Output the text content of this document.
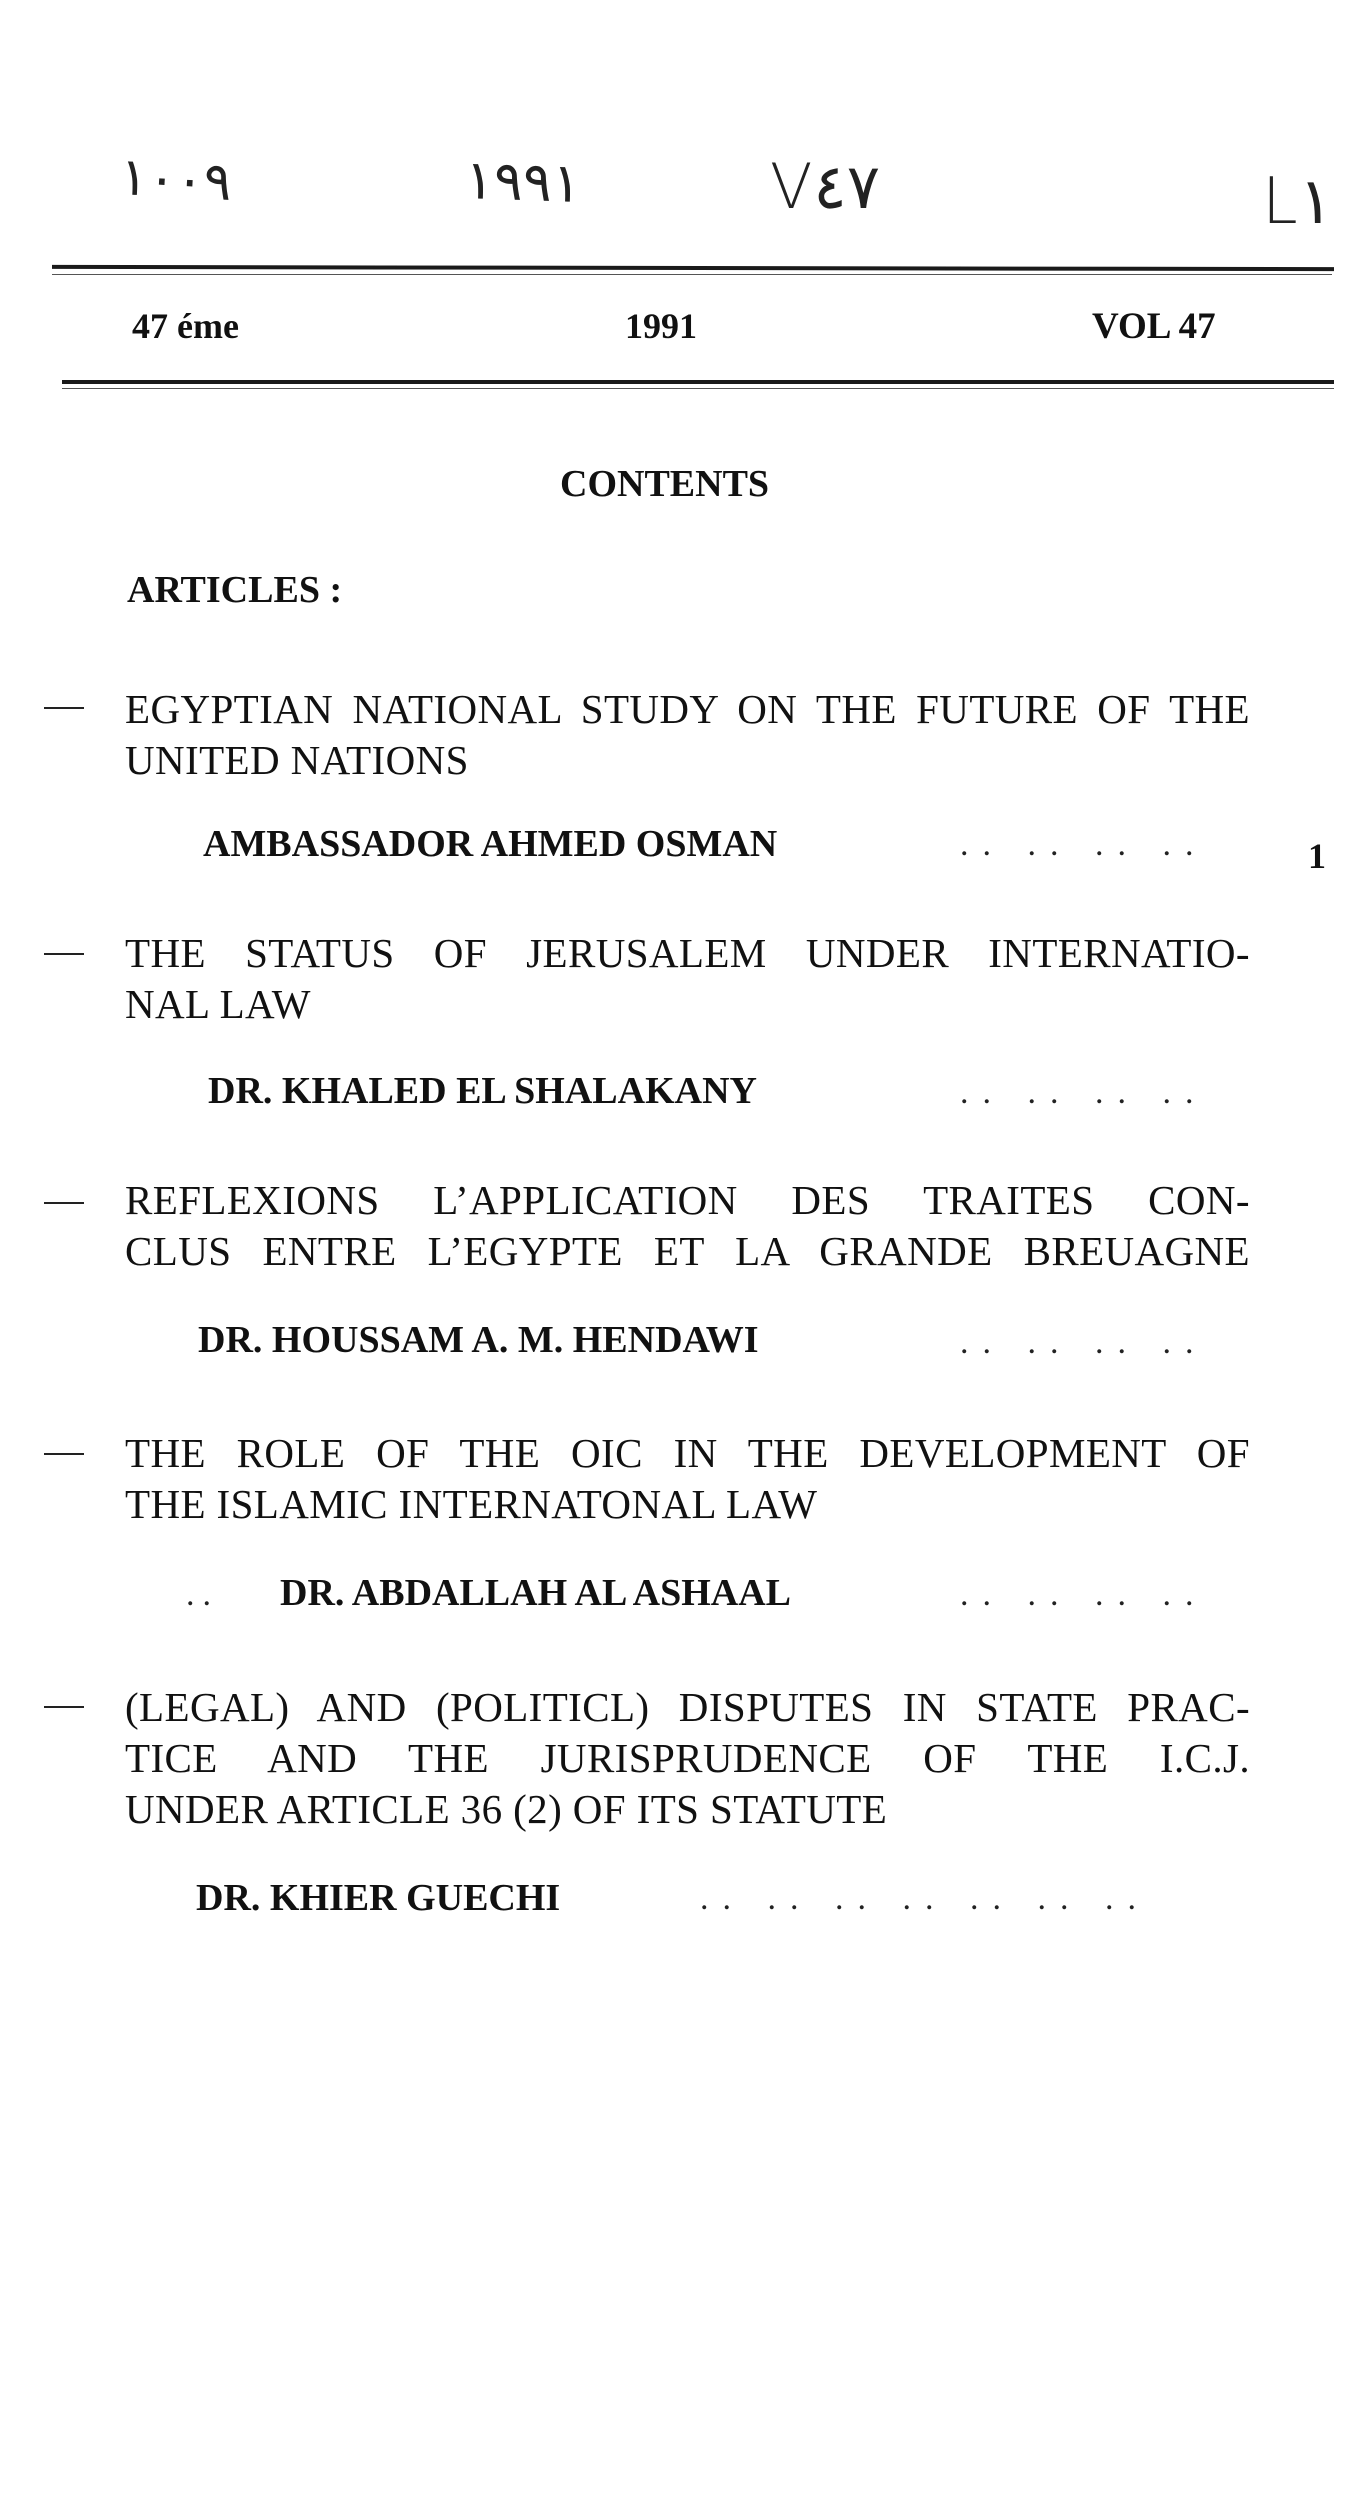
١٠٠٩	١٩٩١	V٤٧	L١
47 éme	1991	VOL 47
CONTENTS
ARTICLES :
EGYPTIAN NATIONAL STUDY ON THE FUTURE OF THE UNITED NATIONS
AMBASSADOR AHMED OSMAN	.. .. .. ..	1
THE STATUS OF JERUSALEM UNDER INTERNATIO-
NAL LAW
DR. KHALED EL SHALAKANY	.. .. .. ..
REFLEXIONS L’APPLICATION DES TRAITES CON-
CLUS ENTRE L’EGYPTE ET LA GRANDE BREUAGNE
DR. HOUSSAM A. M. HENDAWI	.. .. .. ..
THE ROLE OF THE OIC IN THE DEVELOPMENT OF
THE ISLAMIC INTERNATONAL LAW
.. DR. ABDALLAH AL ASHAAL	.. .. .. ..
(LEGAL) AND (POLITICL) DISPUTES IN STATE PRAC-
TICE AND THE JURISPRUDENCE OF THE I.C.J.
UNDER ARTICLE 36 (2) OF ITS STATUTE
DR. KHIER GUECHI	.. .. .. .. .. .. ..
